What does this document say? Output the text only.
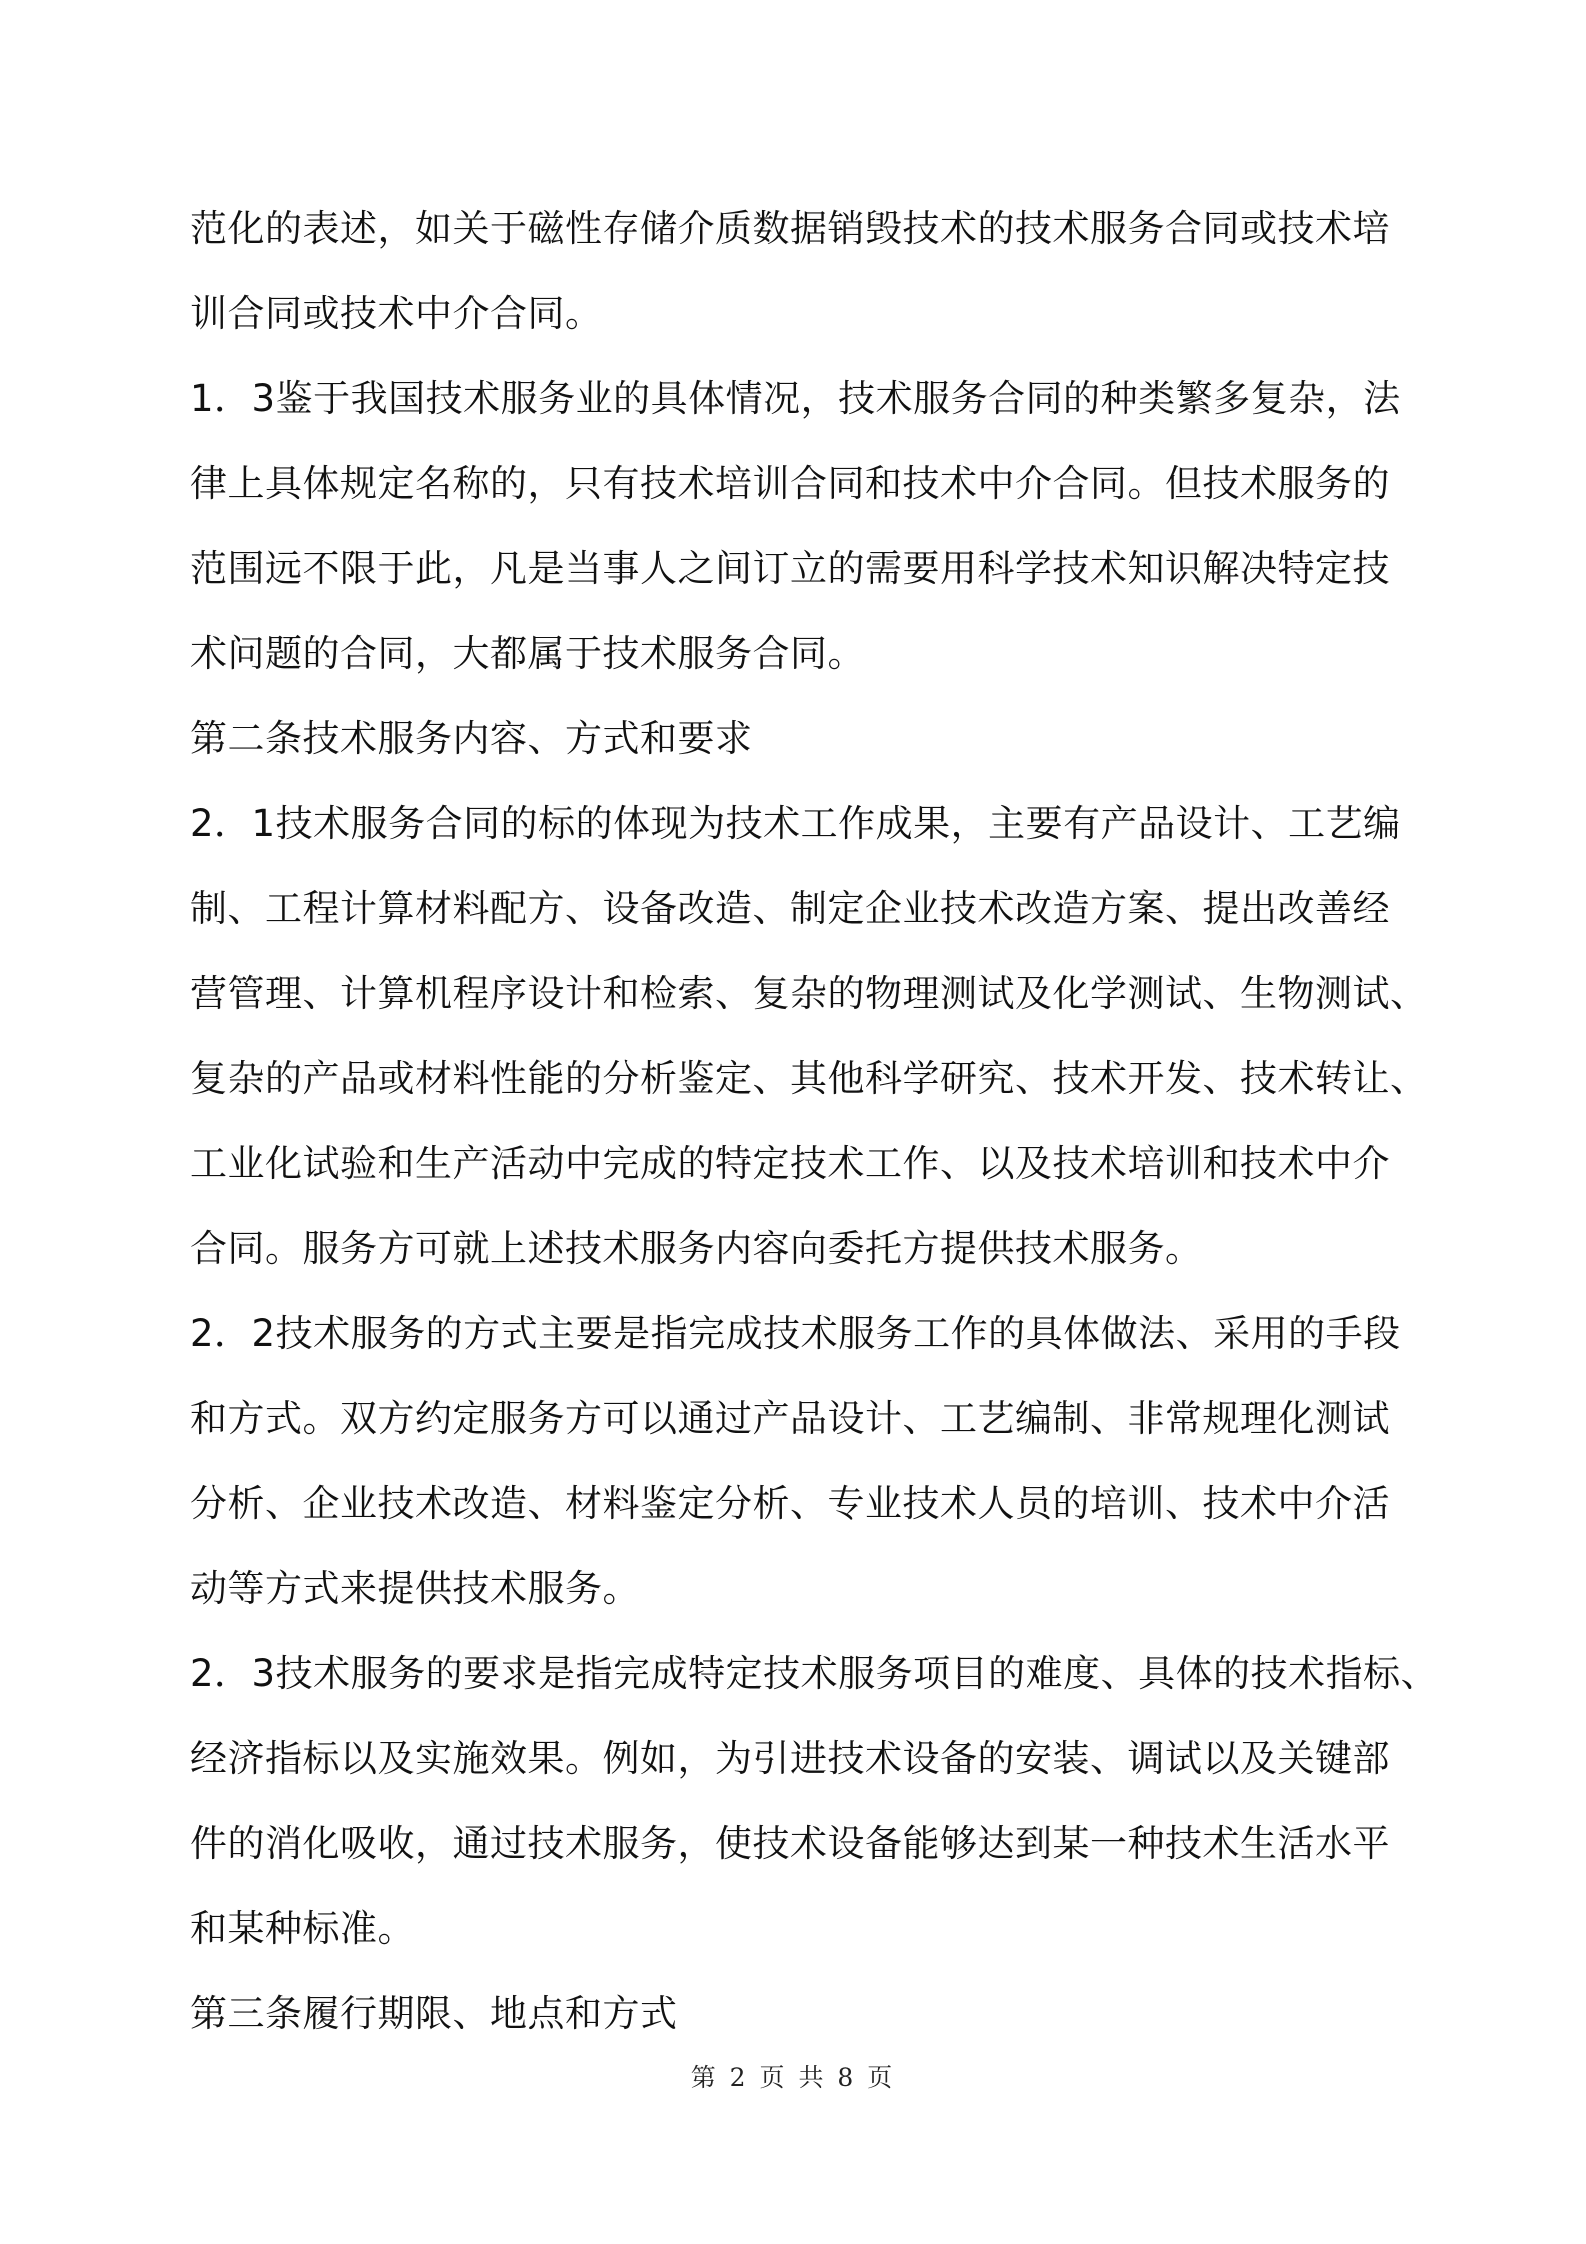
范化的表述，如关于磁性存储介质数据销毁技术的技术服务合同或技术培
训合同或技术中介合同。
1．3鉴于我国技术服务业的具体情况，技术服务合同的种类繁多复杂，法
律上具体规定名称的，只有技术培训合同和技术中介合同。但技术服务的
范围远不限于此，凡是当事人之间订立的需要用科学技术知识解决特定技
术问题的合同，大都属于技术服务合同。
第二条技术服务内容、方式和要求
2．1技术服务合同的标的体现为技术工作成果，主要有产品设计、工艺编
制、工程计算材料配方、设备改造、制定企业技术改造方案、提出改善经
营管理、计算机程序设计和检索、复杂的物理测试及化学测试、生物测试、
复杂的产品或材料性能的分析鉴定、其他科学研究、技术开发、技术转让、
工业化试验和生产活动中完成的特定技术工作、以及技术培训和技术中介
合同。服务方可就上述技术服务内容向委托方提供技术服务。
2．2技术服务的方式主要是指完成技术服务工作的具体做法、采用的手段
和方式。双方约定服务方可以通过产品设计、工艺编制、非常规理化测试
分析、企业技术改造、材料鉴定分析、专业技术人员的培训、技术中介活
动等方式来提供技术服务。
2．3技术服务的要求是指完成特定技术服务项目的难度、具体的技术指标、
经济指标以及实施效果。例如，为引进技术设备的安装、调试以及关键部
件的消化吸收，通过技术服务，使技术设备能够达到某一种技术生活水平
和某种标准。
第三条履行期限、地点和方式
第 2 页 共 8 页
